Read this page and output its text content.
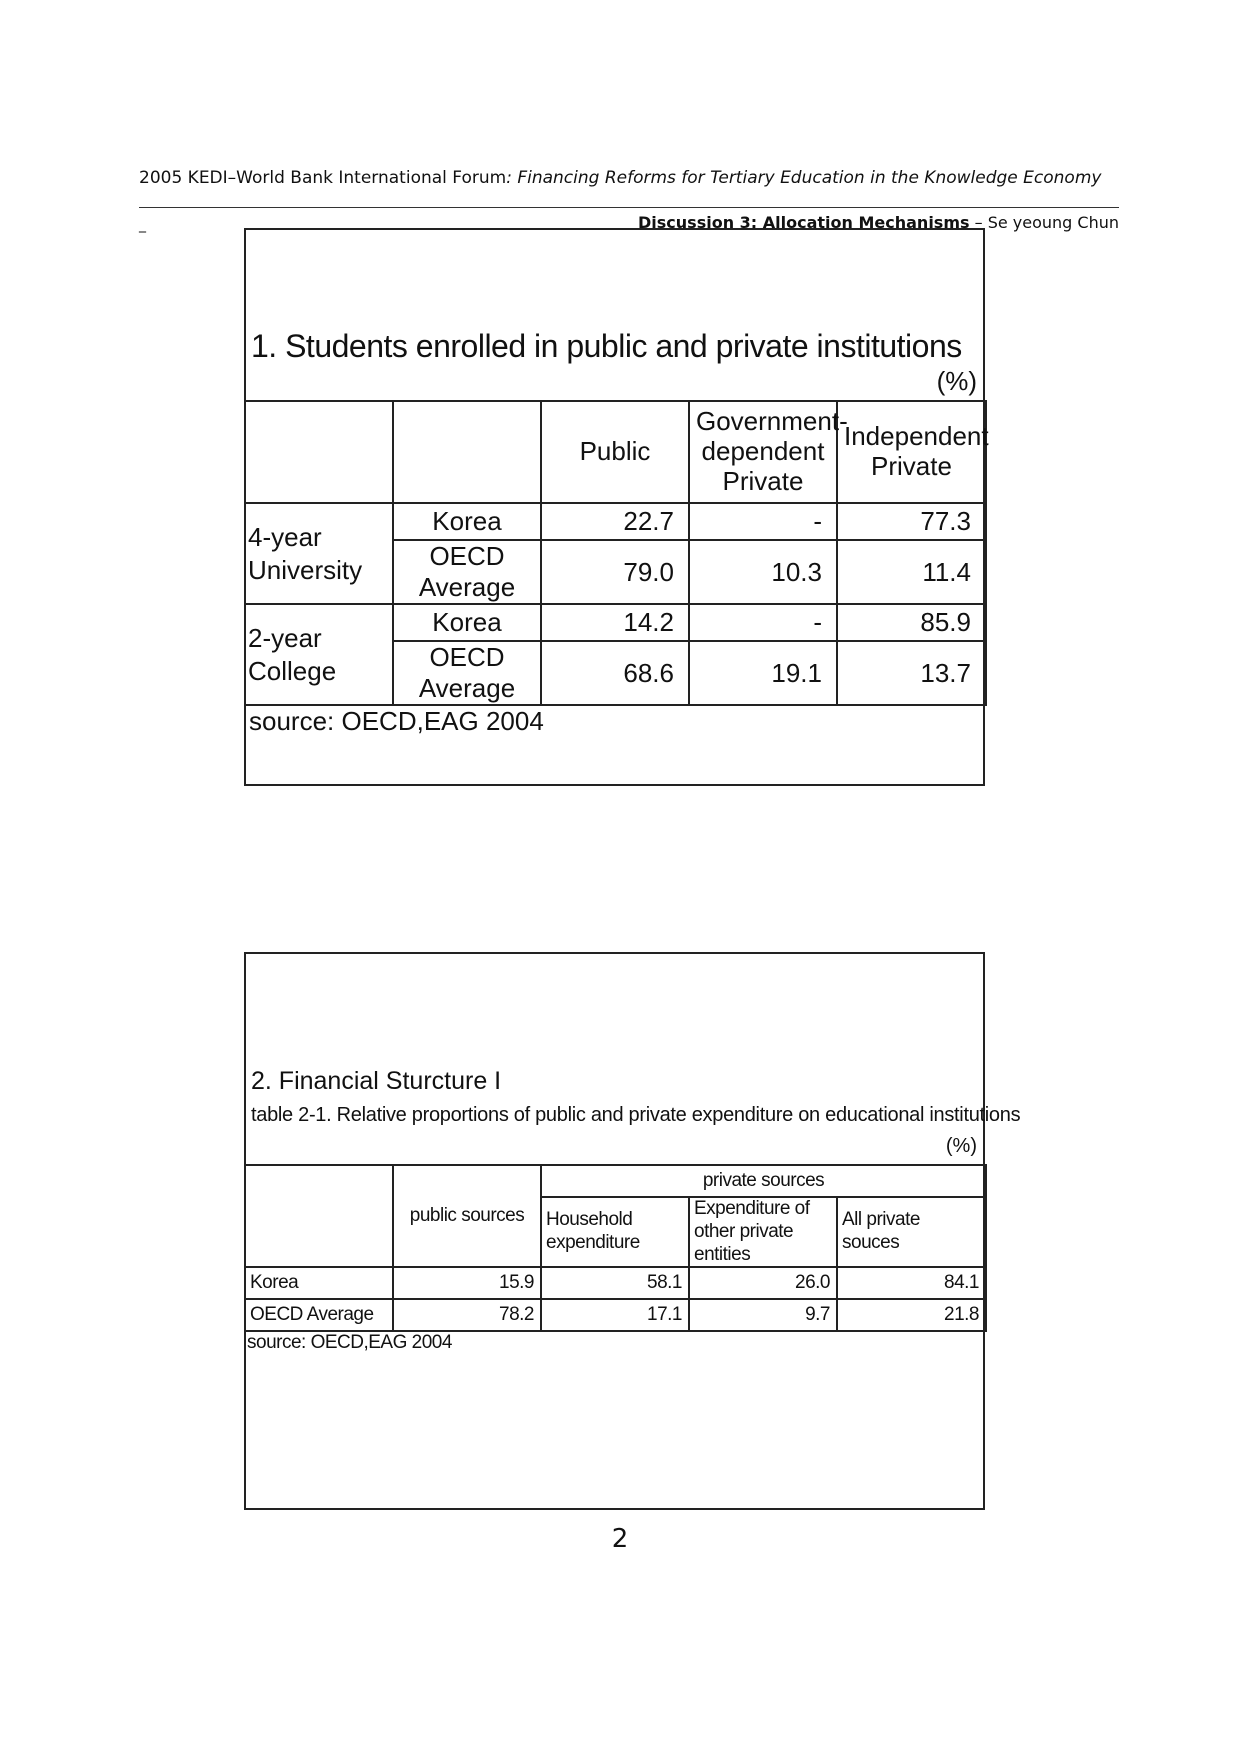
2005 KEDI–World Bank International Forum: Financing Reforms for Tertiary Education in the Knowledge Economy
_	Discussion 3: Allocation Mechanisms – Se yeoung Chun
1. Students enrolled in public and private institutions
(%)
		Public	Government-dependent Private	Independent Private
4-year University	Korea	22.7	-	77.3
	OECD Average	79.0	10.3	11.4
2-year College	Korea	14.2	-	85.9
	OECD Average	68.6	19.1	13.7
source: OECD,EAG 2004				
2. Financial Sturcture I
table 2-1. Relative proportions of public and private expenditure on educational institutions
(%)
	public sources	private sources		
		Household expenditure	Expenditure of other private entities	All private souces
Korea	15.9	58.1	26.0	84.1
OECD Average	78.2	17.1	9.7	21.8
source: OECD,EAG 2004				
2
